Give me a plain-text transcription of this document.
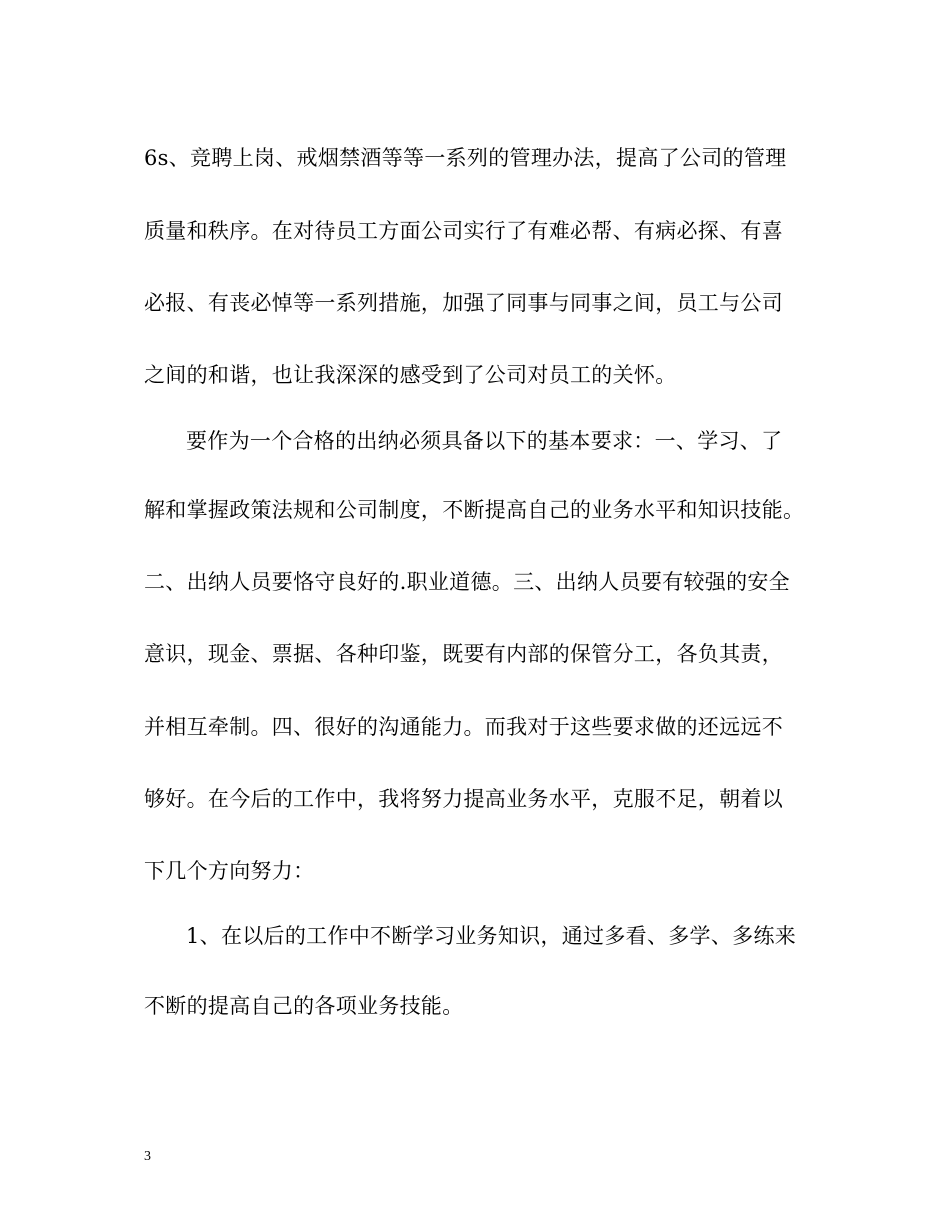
6s、竞聘上岗、戒烟禁酒等等一系列的管理办法，提高了公司的管理
质量和秩序。在对待员工方面公司实行了有难必帮、有病必探、有喜
必报、有丧必悼等一系列措施，加强了同事与同事之间，员工与公司
之间的和谐，也让我深深的感受到了公司对员工的关怀。
要作为一个合格的出纳必须具备以下的基本要求：一、学习、了
解和掌握政策法规和公司制度，不断提高自己的业务水平和知识技能。
二、出纳人员要恪守良好的.职业道德。三、出纳人员要有较强的安全
意识，现金、票据、各种印鉴，既要有内部的保管分工，各负其责，
并相互牵制。四、很好的沟通能力。而我对于这些要求做的还远远不
够好。在今后的工作中，我将努力提高业务水平，克服不足，朝着以
下几个方向努力：
1、在以后的工作中不断学习业务知识，通过多看、多学、多练来
不断的提高自己的各项业务技能。
3
